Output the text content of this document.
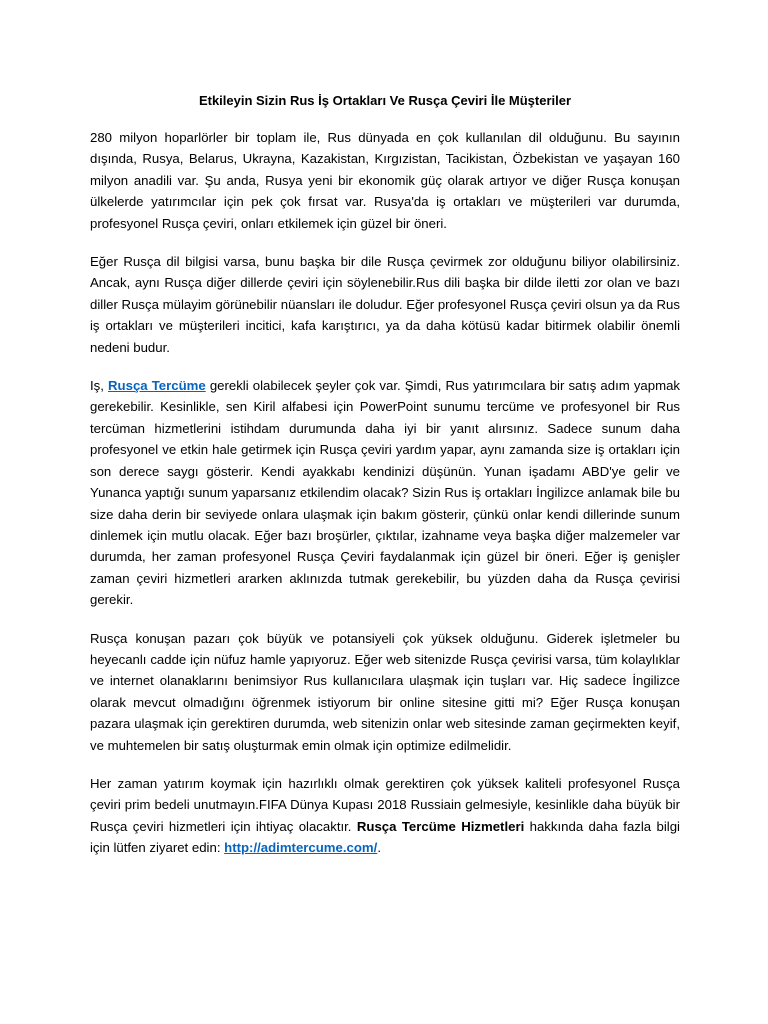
Etkileyin Sizin Rus İş Ortakları Ve Rusça Çeviri İle Müşteriler

280 milyon hoparlörler bir toplam ile, Rus dünyada en çok kullanılan dil olduğunu. Bu sayının dışında, Rusya, Belarus, Ukrayna, Kazakistan, Kırgızistan, Tacikistan, Özbekistan ve yaşayan 160 milyon anadili var. Şu anda, Rusya yeni bir ekonomik güç olarak artıyor ve diğer Rusça konuşan ülkelerde yatırımcılar için pek çok fırsat var. Rusya'da iş ortakları ve müşterileri var durumda, profesyonel Rusça çeviri, onları etkilemek için güzel bir öneri.

Eğer Rusça dil bilgisi varsa, bunu başka bir dile Rusça çevirmek zor olduğunu biliyor olabilirsiniz. Ancak, aynı Rusça diğer dillerde çeviri için söylenebilir.Rus dili başka bir dilde iletti zor olan ve bazı diller Rusça mülayim görünebilir nüansları ile doludur. Eğer profesyonel Rusça çeviri olsun ya da Rus iş ortakları ve müşterileri incitici, kafa karıştırıcı, ya da daha kötüsü kadar bitirmek olabilir önemli nedeni budur.

Iş, Rusça Tercüme gerekli olabilecek şeyler çok var. Şimdi, Rus yatırımcılara bir satış adım yapmak gerekebilir. Kesinlikle, sen Kiril alfabesi için PowerPoint sunumu tercüme ve profesyonel bir Rus tercüman hizmetlerini istihdam durumunda daha iyi bir yanıt alırsınız. Sadece sunum daha profesyonel ve etkin hale getirmek için Rusça çeviri yardım yapar, aynı zamanda size iş ortakları için son derece saygı gösterir. Kendi ayakkabı kendinizi düşünün. Yunan işadamı ABD'ye gelir ve Yunanca yaptığı sunum yaparsanız etkilendim olacak? Sizin Rus iş ortakları İngilizce anlamak bile bu size daha derin bir seviyede onlara ulaşmak için bakım gösterir, çünkü onlar kendi dillerinde sunum dinlemek için mutlu olacak. Eğer bazı broşürler, çıktılar, izahname veya başka diğer malzemeler var durumda, her zaman profesyonel Rusça Çeviri faydalanmak için güzel bir öneri. Eğer iş genişler zaman çeviri hizmetleri ararken aklınızda tutmak gerekebilir, bu yüzden daha da Rusça çevirisi gerekir.

Rusça konuşan pazarı çok büyük ve potansiyeli çok yüksek olduğunu. Giderek işletmeler bu heyecanlı cadde için nüfuz hamle yapıyoruz. Eğer web sitenizde Rusça çevirisi varsa, tüm kolaylıklar ve internet olanaklarını benimsiyor Rus kullanıcılara ulaşmak için tuşları var. Hiç sadece İngilizce olarak mevcut olmadığını öğrenmek istiyorum bir online sitesine gitti mi? Eğer Rusça konuşan pazara ulaşmak için gerektiren durumda, web sitenizin onlar web sitesinde zaman geçirmekten keyif, ve muhtemelen bir satış oluşturmak emin olmak için optimize edilmelidir.

Her zaman yatırım koymak için hazırlıklı olmak gerektiren çok yüksek kaliteli profesyonel Rusça çeviri prim bedeli unutmayın.FIFA Dünya Kupası 2018 Russiain gelmesiyle, kesinlikle daha büyük bir Rusça çeviri hizmetleri için ihtiyaç olacaktır. Rusça Tercüme Hizmetleri hakkında daha fazla bilgi için lütfen ziyaret edin: http://adimtercume.com/.
